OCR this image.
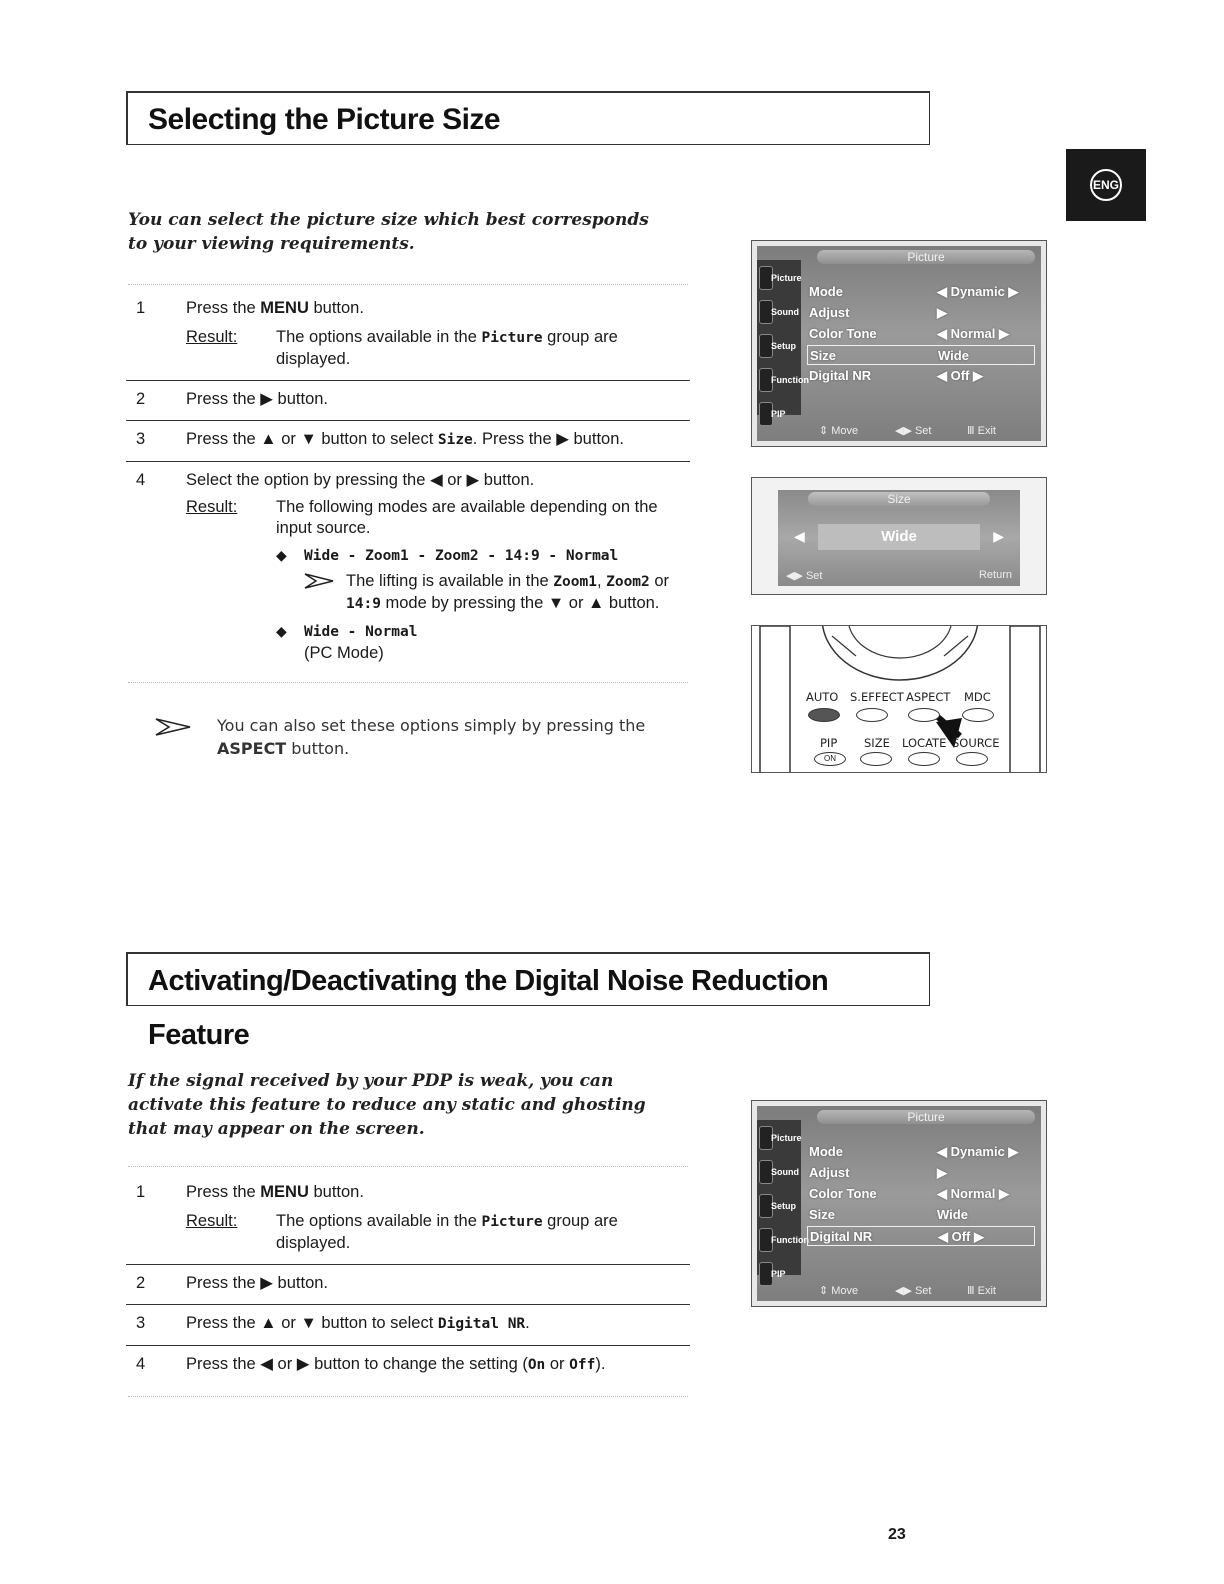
ENG
Selecting the Picture Size
You can select the picture size which best corresponds to your viewing requirements.
1	Press the MENU button.
Result:	The options available in the Picture group are displayed.
2	Press the ▶ button.
3	Press the ▲ or ▼ button to select Size. Press the ▶ button.
4	Select the option by pressing the ◀ or ▶ button.
Result:	The following modes are available depending on the input source.
◆ Wide - Zoom1 - Zoom2 - 14:9 - Normal
The lifting is available in the Zoom1, Zoom2 or 14:9 mode by pressing the ▼ or ▲ button.
◆ Wide - Normal
(PC Mode)
You can also set these options simply by pressing the ASPECT button.
Picture
Picture
Sound
Setup
Function
PIP
Mode	◀ Dynamic ▶
Adjust	▶
Color Tone	◀ Normal ▶
Size	Wide
Digital NR	◀ Off ▶
⇕ Move	◀▶ Set	Ⅲ Exit
Size
◀	Wide	▶
◀▶ Set	Return
AUTO S.EFFECT ASPECT MDC
PIP SIZE LOCATE SOURCE
ON
Activating/Deactivating the Digital Noise Reduction Feature
If the signal received by your PDP is weak, you can activate this feature to reduce any static and ghosting that may appear on the screen.
1	Press the MENU button.
Result:	The options available in the Picture group are displayed.
2	Press the ▶ button.
3	Press the ▲ or ▼ button to select Digital NR.
4	Press the ◀ or ▶ button to change the setting (On or Off).
Picture
Picture
Sound
Setup
Function
PIP
Mode	◀ Dynamic ▶
Adjust	▶
Color Tone	◀ Normal ▶
Size	Wide
Digital NR	◀ Off ▶
⇕ Move	◀▶ Set	Ⅲ Exit
23
